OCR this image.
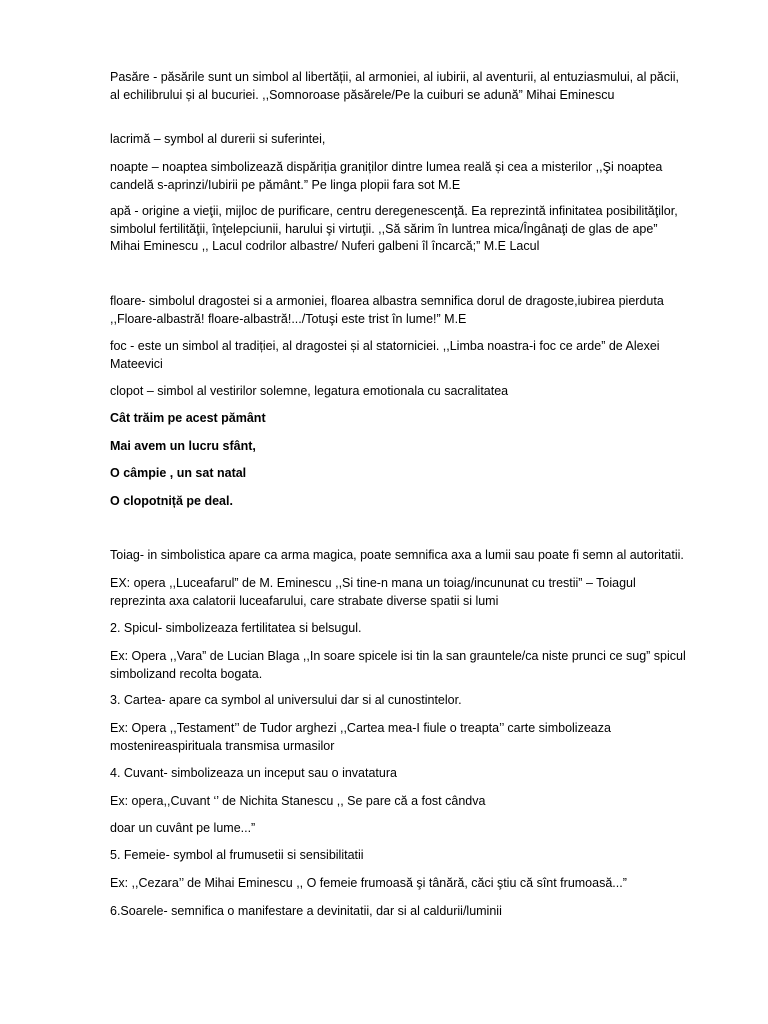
Pasăre - păsările sunt un simbol al libertății, al armoniei, al iubirii, al aventurii, al entuziasmului, al păcii,
al echilibrului și al bucuriei. ,,Somnoroase păsărele/Pe la cuiburi se adună” Mihai Eminescu

lacrimă – symbol al durerii si suferintei,

noapte – noaptea simbolizează dispăriția graniților dintre lumea reală și cea a misterilor ,,Şi noaptea
candelă s-aprinzi/Iubirii pe pământ.” Pe linga plopii fara sot M.E

apă - origine a vieţii, mijloc de purificare, centru deregenescenţă. Ea reprezintă infinitatea posibilităţilor,
simbolul fertilităţii, înţelepciunii, harului şi virtuţii. ,,Să sărim în luntrea mica/Îngânaţi de glas de ape”
Mihai Eminescu ,, Lacul codrilor albastre/ Nuferi galbeni îl încarcă;” M.E Lacul

floare- simbolul dragostei si a armoniei, floarea albastra semnifica dorul de dragoste,iubirea pierduta
,,Floare-albastră! floare-albastră!.../Totuşi este trist în lume!” M.E

foc - este un simbol al tradiției, al dragostei și al statorniciei. ,,Limba noastra-i foc ce arde” de Alexei
Mateevici

clopot – simbol al vestirilor solemne, legatura emotionala cu sacralitatea

Cât trăim pe acest pământ

Mai avem un lucru sfânt,

O câmpie , un sat natal

O clopotniță pe deal.

Toiag- in simbolistica apare ca arma magica, poate semnifica axa a lumii sau poate fi semn al autoritatii.

EX: opera ,,Luceafarul” de M. Eminescu ,,Si tine-n mana un toiag/incununat cu trestii” – Toiagul
reprezinta axa calatorii luceafarului, care strabate diverse spatii si lumi

2. Spicul- simbolizeaza fertilitatea si belsugul.

Ex: Opera ,,Vara” de Lucian Blaga ,,In soare spicele isi tin la san grauntele/ca niste prunci ce sug” spicul
simbolizand recolta bogata.

3. Cartea- apare ca symbol al universului dar si al cunostintelor.

Ex: Opera ,,Testament’’ de Tudor arghezi ,,Cartea mea-I fiule o treapta’’ carte simbolizeaza
mostenireaspirituala transmisa urmasilor

4. Cuvant- simbolizeaza un inceput sau o invatatura

Ex: opera,,Cuvant ‘’ de Nichita Stanescu ,, Se pare că a fost cândva

doar un cuvânt pe lume...”

5. Femeie- symbol al frumusetii si sensibilitatii

Ex: ,,Cezara’’ de Mihai Eminescu ,, O femeie frumoasă şi tânără, căci ştiu că sînt frumoasă...”

6.Soarele- semnifica o manifestare a devinitatii, dar si al caldurii/luminii
